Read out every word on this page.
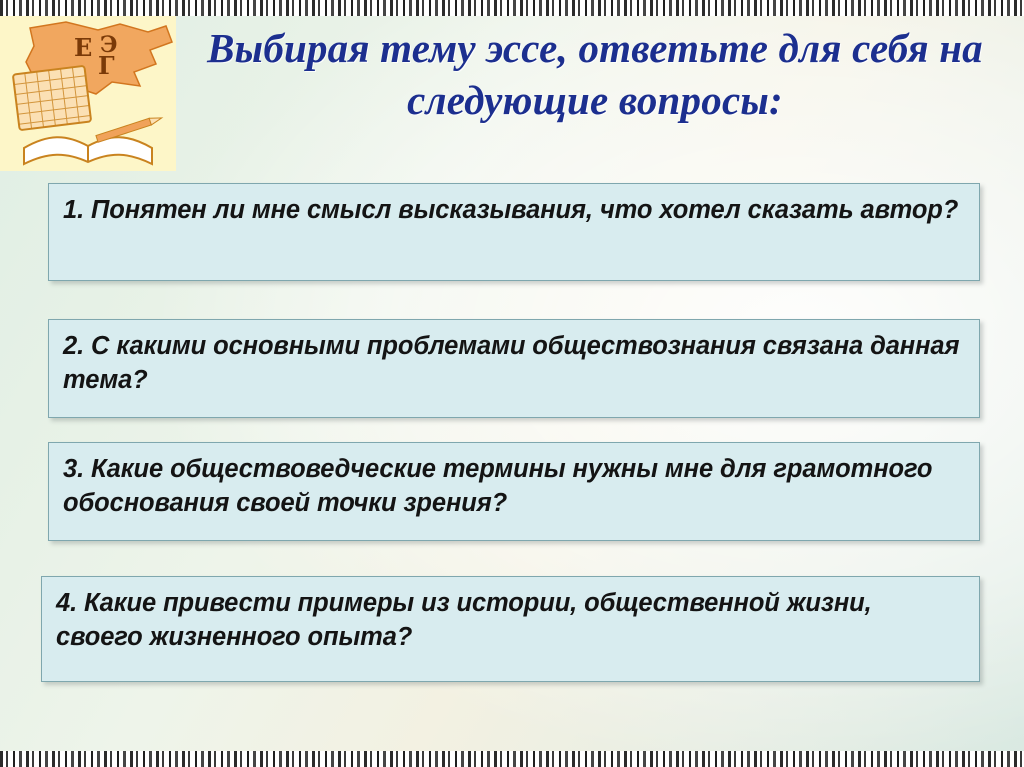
Е
Г
Э	Выбирая тему эссе, ответьте для себя на следующие вопросы:

1. Понятен ли мне смысл высказывания, что хотел сказать автор?

2. С какими основными проблемами обществознания связана данная тема?

3. Какие обществоведческие термины нужны мне для грамотного обоснования своей точки зрения?

4. Какие привести примеры из истории, общественной жизни, своего жизненного опыта?
